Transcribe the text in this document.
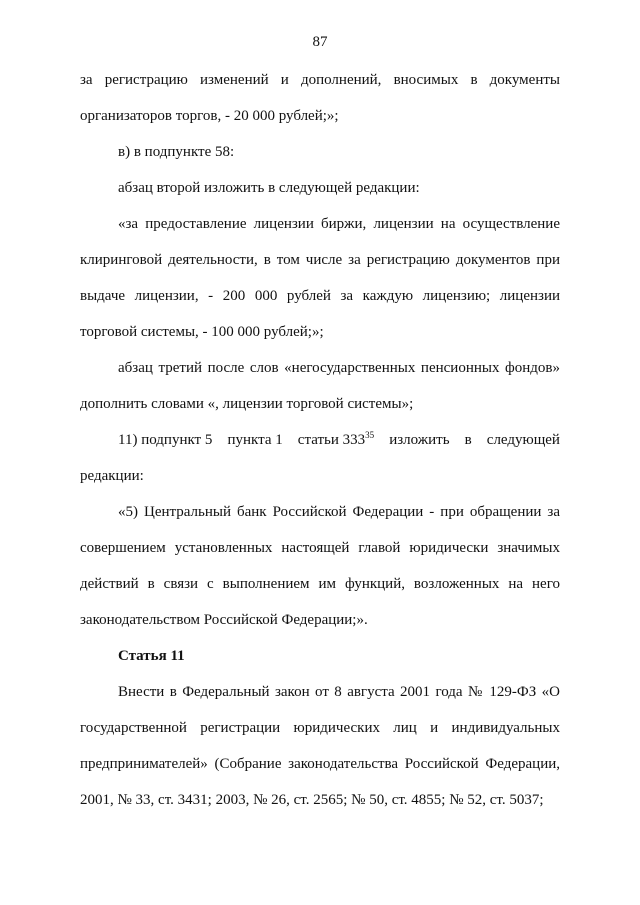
87

за регистрацию изменений и дополнений, вносимых в документы организаторов торгов, - 20 000 рублей;»;

в) в подпункте 58:

абзац второй изложить в следующей редакции:

«за предоставление лицензии биржи, лицензии на осуществление клиринговой деятельности, в том числе за регистрацию документов при выдаче лицензии, - 200 000 рублей за каждую лицензию; лицензии торговой системы, - 100 000 рублей;»;

абзац третий после слов «негосударственных пенсионных фондов» дополнить словами «, лицензии торговой системы»;

11) подпункт 5 пункта 1 статьи $333^{35}$ изложить в следующей
редакции:

«5) Центральный банк Российской Федерации - при обращении за совершением установленных настоящей главой юридически значимых действий в связи с выполнением им функций, возложенных на него законодательством Российской Федерации;».

Статья 11

Внести в Федеральный закон от 8 августа 2001 года № 129-ФЗ «О государственной регистрации юридических лиц и индивидуальных предпринимателей» (Собрание законодательства Российской Федерации, 2001, № 33, ст. 3431; 2003, № 26, ст. 2565; № 50, ст. 4855; № 52, ст. 5037;
